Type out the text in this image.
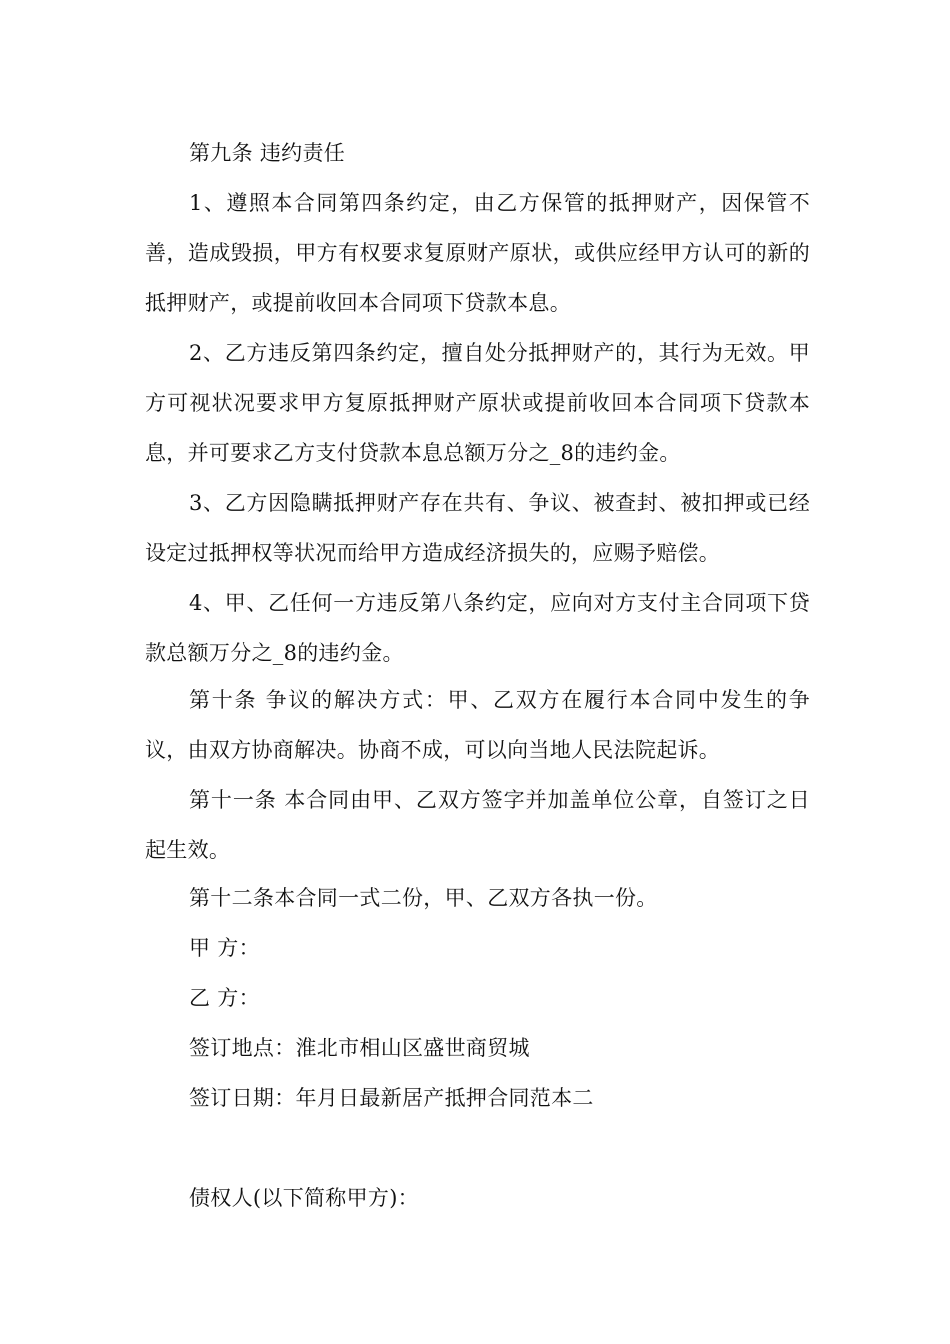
第九条 违约责任

1、遵照本合同第四条约定，由乙方保管的抵押财产，因保管不善，造成毁损，甲方有权要求复原财产原状，或供应经甲方认可的新的抵押财产，或提前收回本合同项下贷款本息。

2、乙方违反第四条约定，擅自处分抵押财产的，其行为无效。甲方可视状况要求甲方复原抵押财产原状或提前收回本合同项下贷款本息，并可要求乙方支付贷款本息总额万分之_8的违约金。

3、乙方因隐瞒抵押财产存在共有、争议、被查封、被扣押或已经设定过抵押权等状况而给甲方造成经济损失的，应赐予赔偿。

4、甲、乙任何一方违反第八条约定，应向对方支付主合同项下贷款总额万分之_8的违约金。

第十条 争议的解决方式：甲、乙双方在履行本合同中发生的争议，由双方协商解决。协商不成，可以向当地人民法院起诉。

第十一条 本合同由甲、乙双方签字并加盖单位公章，自签订之日起生效。

第十二条本合同一式二份，甲、乙双方各执一份。

甲 方：

乙 方：

签订地点：淮北市相山区盛世商贸城

签订日期：年月日最新居产抵押合同范本二

债权人(以下简称甲方)：
